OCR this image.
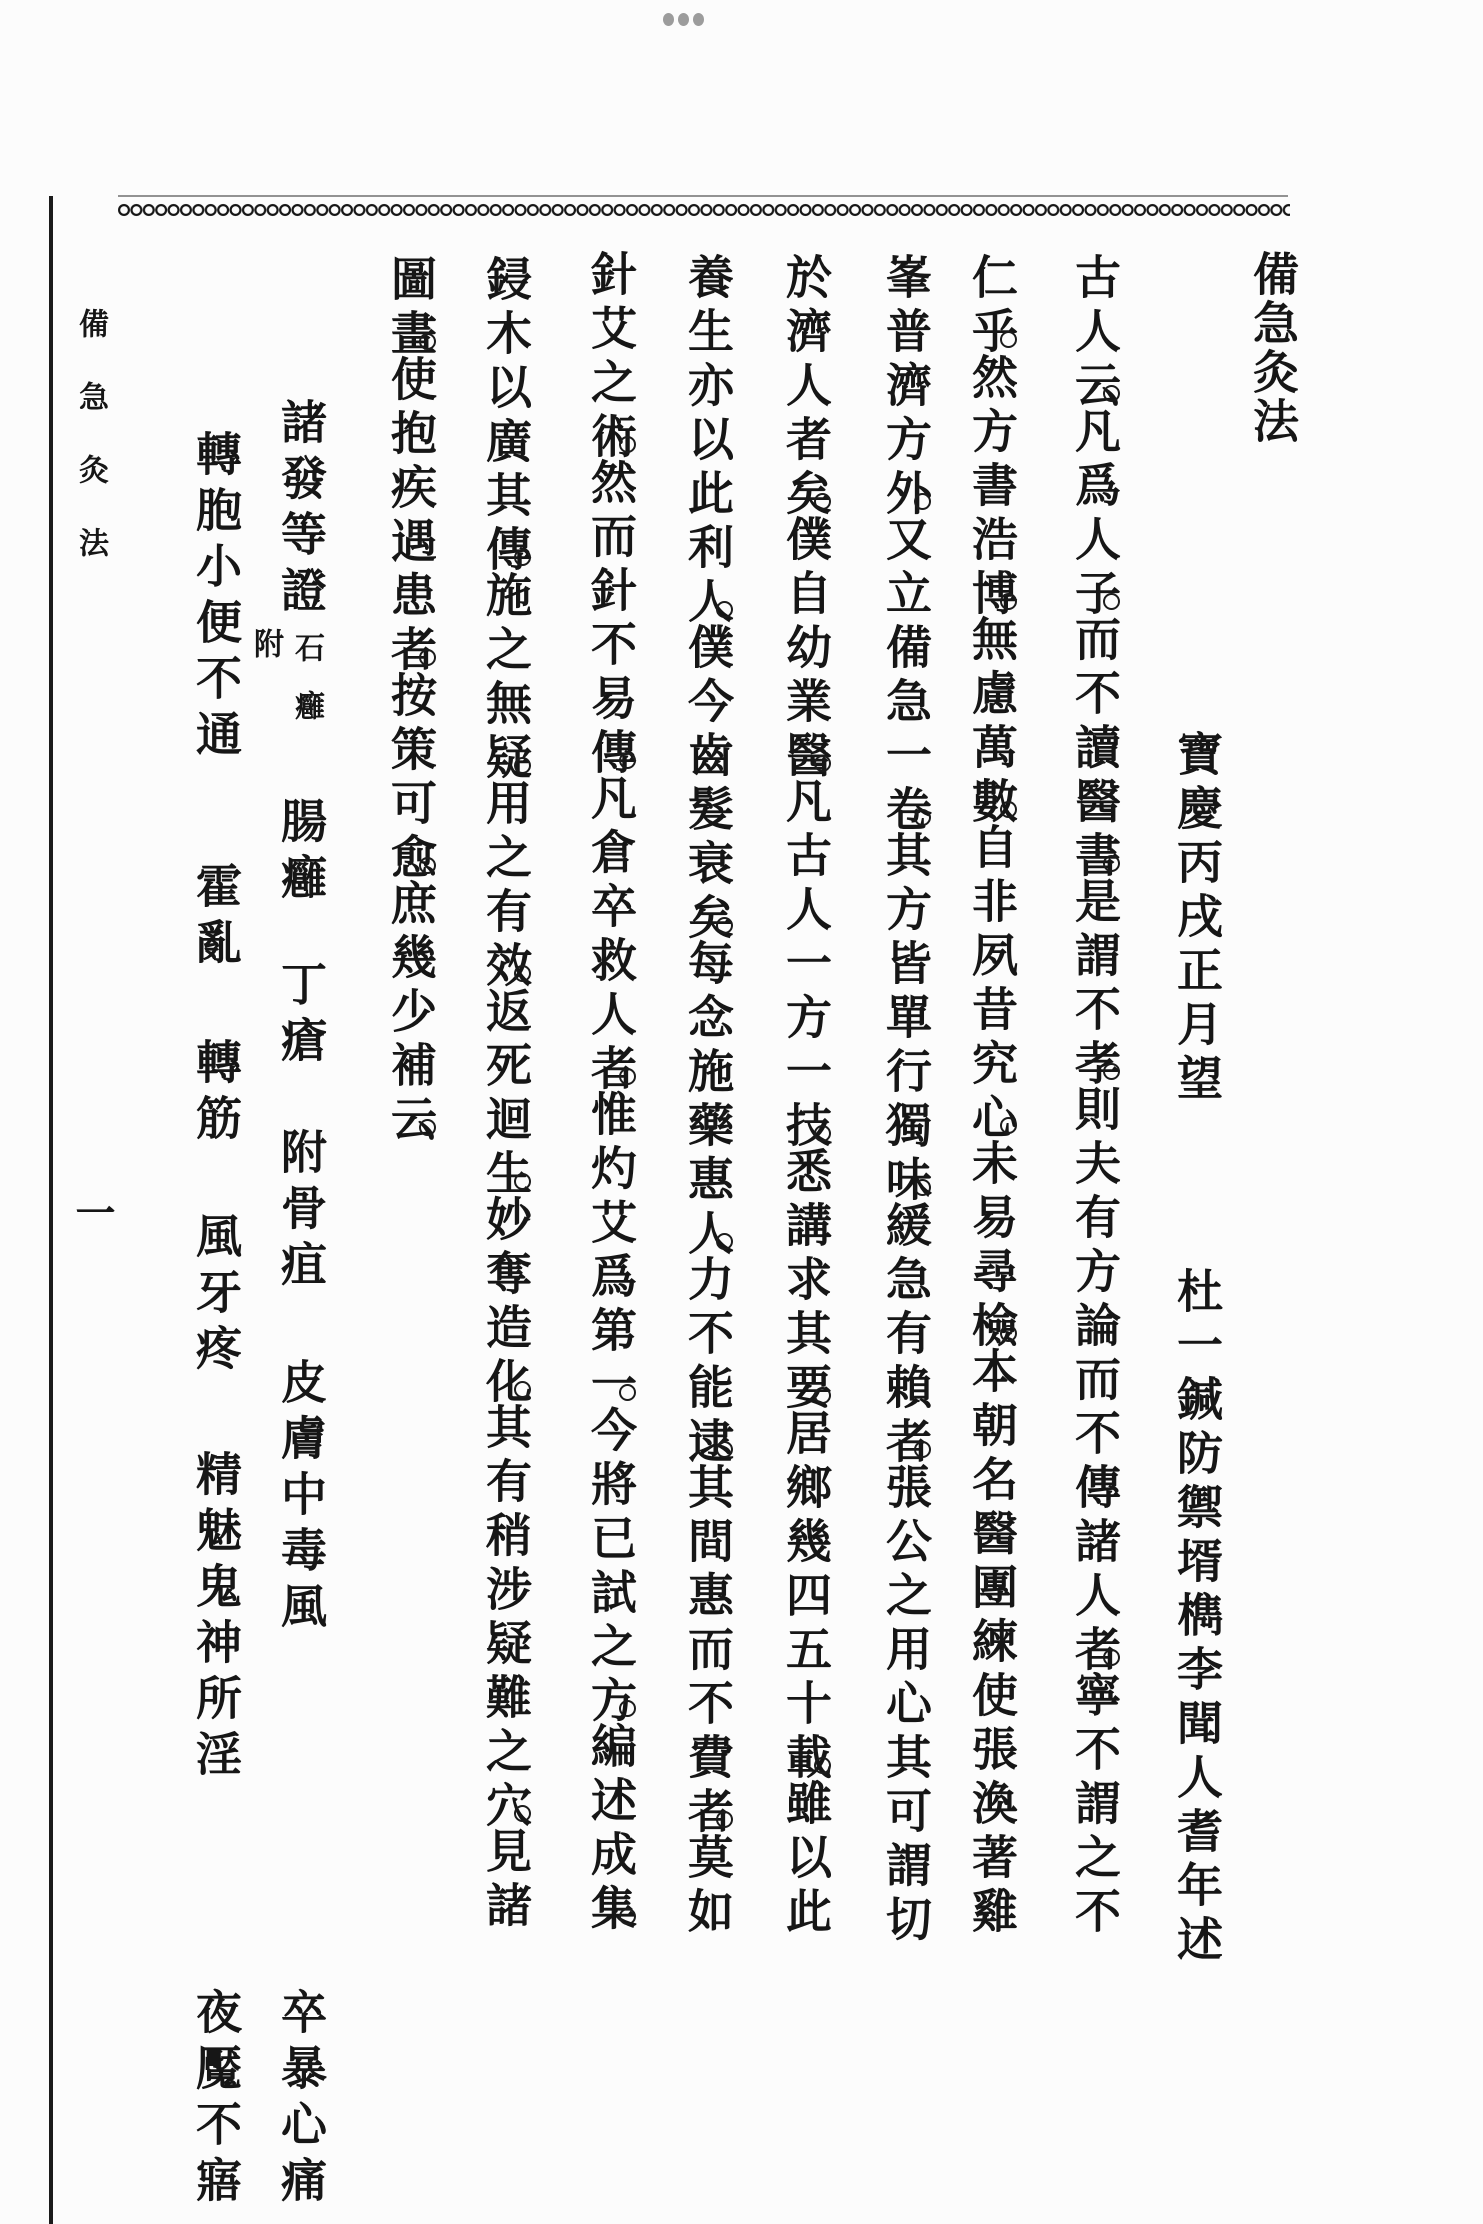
備急灸法
寶慶丙戌正月望
杜一鍼防禦壻檇李聞人耆年述
古人云凡爲人子而不讀醫書是謂不孝則夫有方論而不傳諸人者寧不謂之不
仁乎然方書浩博無慮萬數自非夙昔究心未易尋檢本朝名醫團練使張渙著雞
峯普濟方外又立備急一卷其方皆單行獨味緩急有賴者張公之用心其可謂切
於濟人者矣僕自幼業醫凡古人一方一技悉講求其要居鄉幾四五十載雖以此
養生亦以此利人僕今齒髮衰矣每念施藥惠人力不能逮其間惠而不費者莫如
針艾之術然而針不易傳凡倉卒救人者惟灼艾爲第一今將已試之方編述成集
鋟木以廣其傳施之無疑用之有效返死迴生妙奪造化其有稍涉疑難之穴見諸
圖畫使抱疾遇患者按策可愈庶幾少補云
諸發等證
附 石癰
腸癰
丁瘡
附骨疽
皮膚中毒風
卒暴心痛
轉胞小便不通
霍亂
轉筋
風牙疼
精魅鬼神所淫
夜魘不寤
備急灸法
一
